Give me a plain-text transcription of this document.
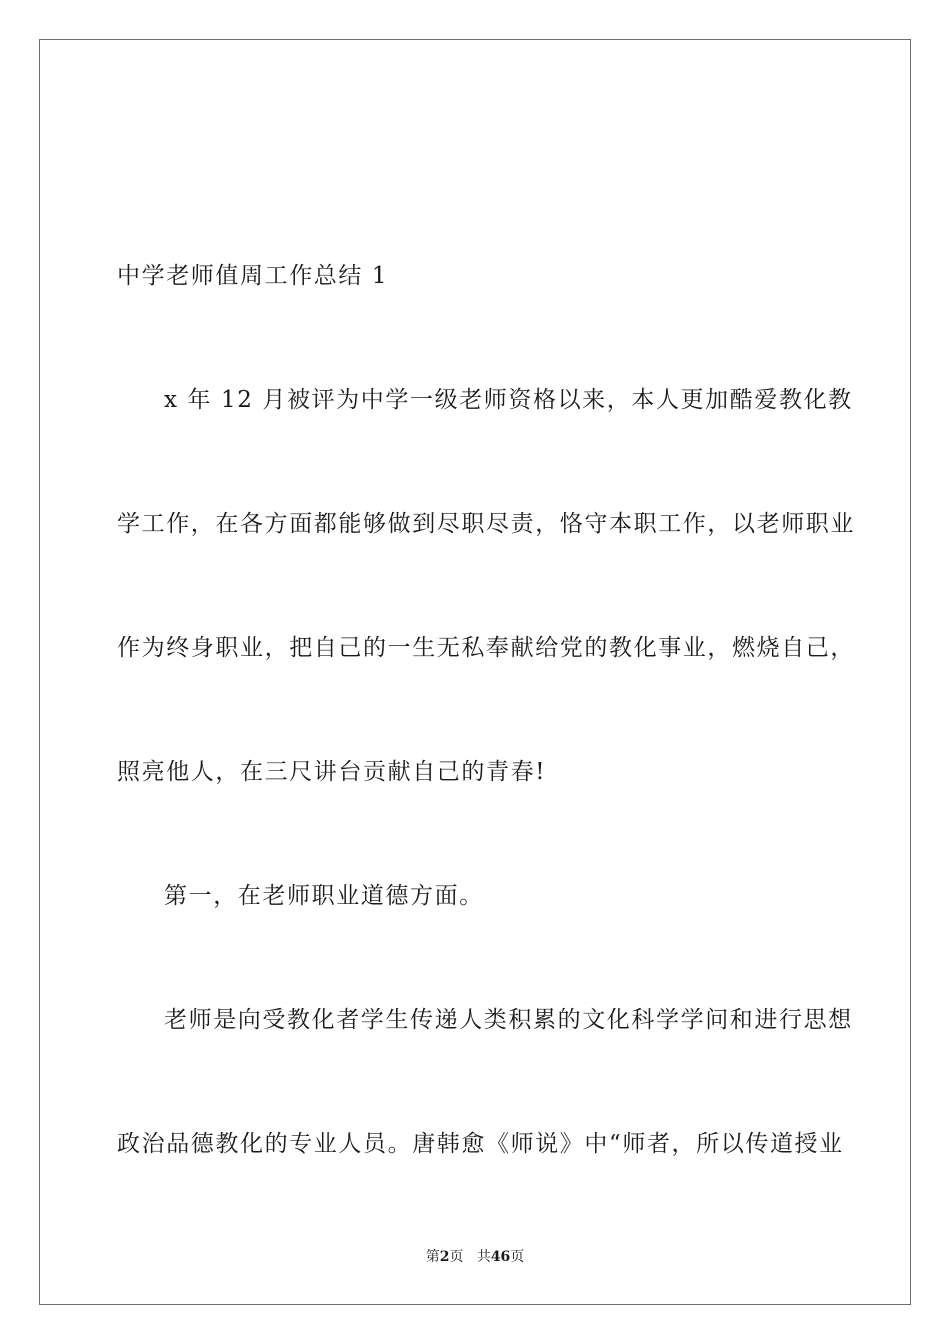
中学老师值周工作总结 1
x 年 12 月被评为中学一级老师资格以来，本人更加酷爱教化教
学工作，在各方面都能够做到尽职尽责，恪守本职工作，以老师职业
作为终身职业，把自己的一生无私奉献给党的教化事业，燃烧自己，
照亮他人，在三尺讲台贡献自己的青春!
第一，在老师职业道德方面。
老师是向受教化者学生传递人类积累的文化科学学问和进行思想
政治品德教化的专业人员。唐韩愈《师说》中“师者，所以传道授业
第2页 共46页
